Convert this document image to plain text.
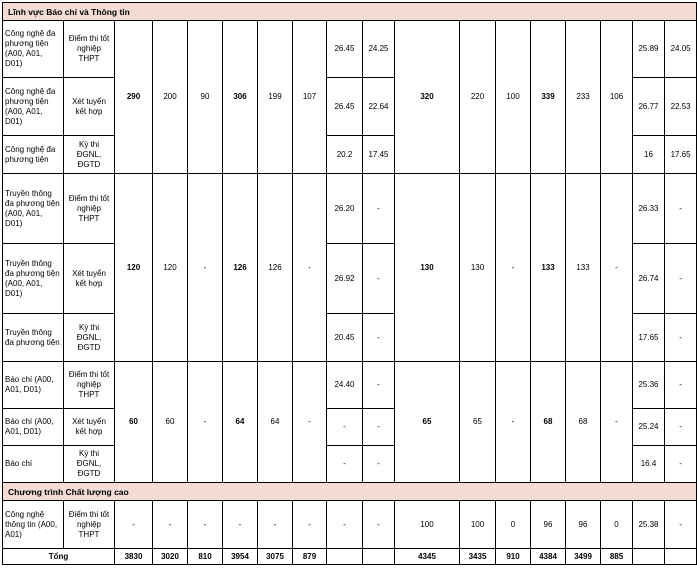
Lĩnh vực Báo chí và Thông tin																	
Công nghệ đa phương tiện (A00, A01, D01)	Điểm thi tốt nghiệp THPT	290	200	90	306	199	107	26.45	24.25	320	220	100	339	233	106	25.89	24.05
Công nghệ đa phương tiện (A00, A01, D01)	Xét tuyển kết hợp							26.45	22.64							26.77	22.53
Công nghệ đa phương tiện	Kỳ thi ĐGNL, ĐGTD							20.2	17.45							16	17.65
Truyền thông đa phương tiện (A00, A01, D01)	Điểm thi tốt nghiệp THPT	120	120	-	126	126	-	26.20	-	130	130	-	133	133	-	26.33	-
Truyền thông đa phương tiện (A00, A01, D01)	Xét tuyển kết hợp							26.92	-							26.74	-
Truyền thông đa phương tiện	Kỳ thi ĐGNL, ĐGTD							20.45	-							17.65	-
Báo chí (A00, A01, D01)	Điểm thi tốt nghiệp THPT	60	60	-	64	64	-	24.40	-	65	65	-	68	68	-	25.36	-
Báo chí (A00, A01, D01)	Xét tuyển kết hợp							-	-							25.24	-
Báo chí	Kỳ thi ĐGNL, ĐGTD							-	-							16.4	-
Chương trình Chất lượng cao																	
Công nghệ thông tin (A00, A01)	Điểm thi tốt nghiệp THPT	-	-	-	-	-	-	-	-	100	100	0	96	96	0	25.38	-
Tổng		3830	3020	810	3954	3075	879			4345	3435	910	4384	3499	885		
